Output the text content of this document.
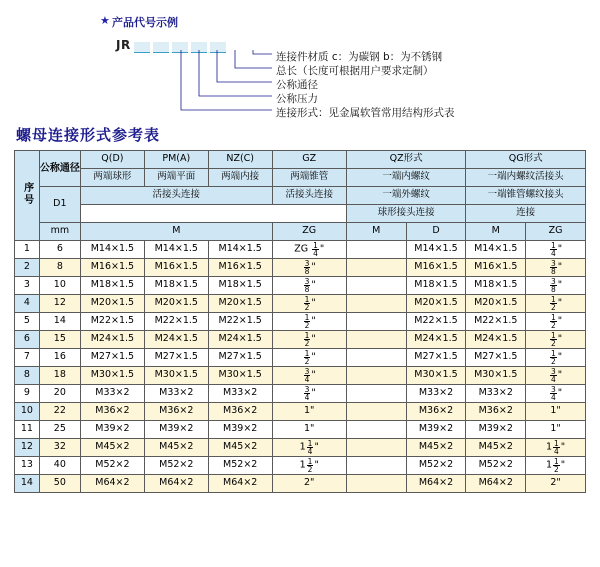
★ 产品代号示例
JR
连接件材质 c：为碳钢 b：为不锈钢
总长（长度可根据用户要求定制）
公称通径
公称压力
连接形式：见金属软管常用结构形式表
螺母连接形式参考表
序号	公称通径	Q(D)	PM(A)	NZ(C)	GZ	QZ形式		QG形式	
		两端球形	两端平面	两端内接	两端锥管	一端内螺纹		一端内螺纹活接头	
	D1	活接头连接			活接头连接	一端外螺纹		一端锥管螺纹接头	
						球形接头连接		连接	
	mm	M			ZG	M	D	M	ZG
1	6	M14×1.5	M14×1.5	M14×1.5	ZG $\frac{1}{4}$ "		M14×1.5	M14×1.5	$\frac{1}{4}$ "
2	8	M16×1.5	M16×1.5	M16×1.5	$\frac{3}{8}$ "		M16×1.5	M16×1.5	$\frac{3}{8}$ "
3	10	M18×1.5	M18×1.5	M18×1.5	$\frac{3}{8}$ "		M18×1.5	M18×1.5	$\frac{3}{8}$ "
4	12	M20×1.5	M20×1.5	M20×1.5	$\frac{1}{2}$ "		M20×1.5	M20×1.5	$\frac{1}{2}$ "
5	14	M22×1.5	M22×1.5	M22×1.5	$\frac{1}{2}$ "		M22×1.5	M22×1.5	$\frac{1}{2}$ "
6	15	M24×1.5	M24×1.5	M24×1.5	$\frac{1}{2}$ "		M24×1.5	M24×1.5	$\frac{1}{2}$ "
7	16	M27×1.5	M27×1.5	M27×1.5	$\frac{1}{2}$ "		M27×1.5	M27×1.5	$\frac{1}{2}$ "
8	18	M30×1.5	M30×1.5	M30×1.5	$\frac{3}{4}$ "		M30×1.5	M30×1.5	$\frac{3}{4}$ "
9	20	M33×2	M33×2	M33×2	$\frac{3}{4}$ "		M33×2	M33×2	$\frac{3}{4}$ "
10	22	M36×2	M36×2	M36×2	1"		M36×2	M36×2	1"
11	25	M39×2	M39×2	M39×2	1"		M39×2	M39×2	1"
12	32	M45×2	M45×2	M45×2	$1 \frac{1}{4}$ "		M45×2	M45×2	$1 \frac{1}{4}$ "
13	40	M52×2	M52×2	M52×2	$1 \frac{1}{2}$ "		M52×2	M52×2	$1 \frac{1}{2}$ "
14	50	M64×2	M64×2	M64×2	2"		M64×2	M64×2	2"
